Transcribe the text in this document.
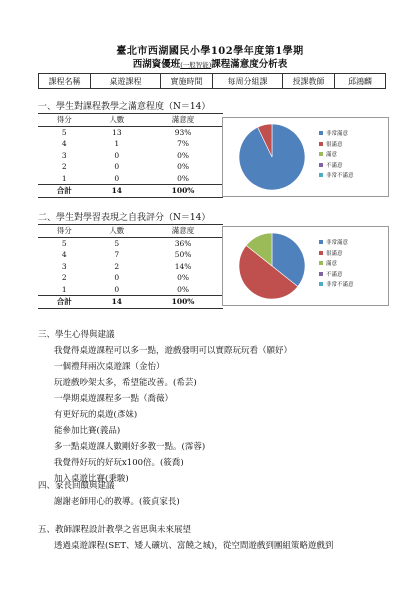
臺北市西湖國民小學102學年度第1學期
西湖資優班(一般智能)課程滿意度分析表
課程名稱	桌遊課程	實施時間	每周分組課	授課教師	邱鴻麟
一、學生對課程教學之滿意程度（N＝14）
得分	人數	滿意度
5	13	93%
4	1	7%
3	0	0%
2	0	0%
1	0	0%
合計	14	100%
非常滿意
很滿意
滿意
不滿意
非常不滿意
二、學生對學習表現之自我評分（N＝14）
得分	人數	滿意度
5	5	36%
4	7	50%
3	2	14%
2	0	0%
1	0	0%
合計	14	100%
非常滿意
很滿意
滿意
不滿意
非常不滿意
三、學生心得與建議
我覺得桌遊課程可以多一點，遊戲發明可以實際玩玩看（願妤）
一個禮拜兩次桌遊課（金怡）
玩遊戲吵架太多，希望能改善。(希芸)
一學期桌遊課程多一點（喬薇）
有更好玩的桌遊(彥妹)
能參加比賽(義品)
多一點桌遊課人數剛好多教一點。(霈蓉)
我覺得好玩的好玩x100倍。(筱喬)
加入桌遊比賽(秉駿)
四、家長回饋與建議
謝謝老師用心的教導。(筱貞家長)
五、教師課程設計教學之省思與未來展望
透過桌遊課程(SET、矮人礦坑、富饒之城)，從空間遊戲到團組策略遊戲到
